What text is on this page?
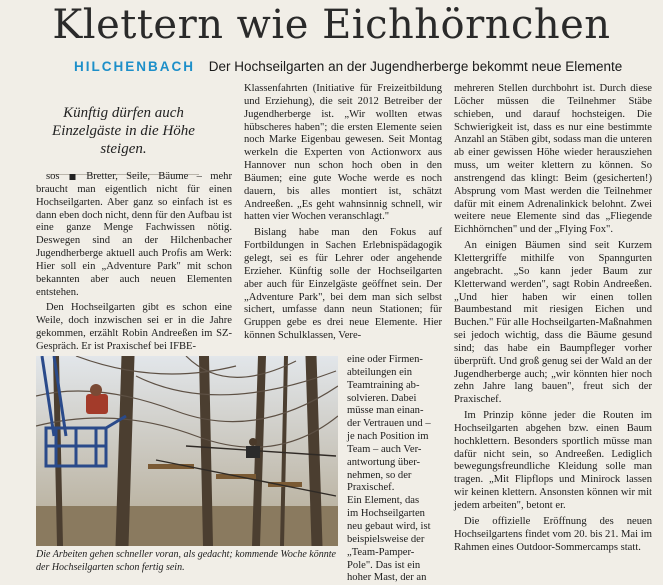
Klettern wie Eichhörnchen
HILCHENBACH Der Hochseilgarten an der Jugendherberge bekommt neue Elemente
Künftig dürfen auch Einzelgäste in die Höhe steigen.

sos	Bretter, Seile, Bäume – mehr braucht man eigentlich nicht für einen Hochseilgarten. Aber ganz so einfach ist es dann eben doch nicht, denn für den Aufbau ist eine ganze Menge Fachwissen nötig. Deswegen sind an der Hilchenbacher Jugendherberge aktuell auch Profis am Werk: Hier soll ein „Adventure Park" mit schon bekannten aber auch neuen Elementen entstehen.

Den Hochseilgarten gibt es schon eine Weile, doch inzwischen sei er in die Jahre gekommen, erzählt Robin Andreeßen im SZ-Gespräch. Er ist Praxischef bei IFBE-

Die Arbeiten gehen schneller voran, als gedacht; kommende Woche könnte der Hochseilgarten schon fertig sein.

Klassenfahrten (Initiative für Freizeitbildung und Erziehung), die seit 2012 Betreiber der Jugendherberge ist. „Wir wollten etwas hübscheres haben"; die ersten Elemente seien noch Marke Eigenbau gewesen. Seit Montag werkeln die Experten von Actionworx aus Hannover nun schon hoch oben in den Bäumen; eine gute Woche werde es noch dauern, bis alles montiert ist, schätzt Andreeßen. „Es geht wahnsinnig schnell, wir hatten vier Wochen veranschlagt."

Bislang habe man den Fokus auf Fortbildungen in Sachen Erlebnispädagogik gelegt, sei es für Lehrer oder angehende Erzieher. Künftig solle der Hochseilgarten aber auch für Einzelgäste geöffnet sein. Der „Adventure Park", bei dem man sich selbst sichert, umfasse dann neun Stationen; für Gruppen gebe es drei neue Elemente. Hier können Schulklassen, Vere-

eine oder Firmen-
abteilungen ein
Teamtraining ab-
solvieren. Dabei
müsse man einan-
der Vertrauen und –
je nach Position im
Team – auch Ver-
antwortung über-
nehmen, so der
Praxischef.
Ein Element, das
im Hochseilgarten
neu gebaut wird, ist
beispielsweise der
„Team-Pamper-
Pole". Das ist ein
hoher Mast, der an

mehreren Stellen durchbohrt ist. Durch diese Löcher müssen die Teilnehmer Stäbe schieben, und darauf hochsteigen. Die Schwierigkeit ist, dass es nur eine bestimmte Anzahl an Stäben gibt, sodass man die unteren ab einer gewissen Höhe wieder herausziehen muss, um weiter klettern zu können. So anstrengend das klingt: Beim (gesicherten!) Absprung vom Mast werden die Teilnehmer dafür mit einem Adrenalinkick belohnt. Zwei weitere neue Elemente sind das „Fliegende Eichhörnchen" und der „Flying Fox".

An einigen Bäumen sind seit Kurzem Klettergriffe mithilfe von Spanngurten angebracht. „So kann jeder Baum zur Kletterwand werden", sagt Robin Andreeßen. „Und hier haben wir einen tollen Baumbestand mit riesigen Eichen und Buchen." Für alle Hochseilgarten-Maßnahmen sei jedoch wichtig, dass die Bäume gesund sind; das habe ein Baumpfleger vorher überprüft. Und groß genug sei der Wald an der Jugendherberge auch; „wir könnten hier noch zehn Jahre lang bauen", freut sich der Praxischef.

Im Prinzip könne jeder die Routen im Hochseilgarten abgehen bzw. einen Baum hochklettern. Besonders sportlich müsse man dafür nicht sein, so Andreeßen. Lediglich bewegungsfreundliche Kleidung solle man tragen. „Mit Flipflops und Minirock lassen wir keinen klettern. Ansonsten können wir mit jedem arbeiten", betont er.

Die offizielle Eröffnung des neuen Hochseilgartens findet vom 20. bis 21. Mai im Rahmen eines Outdoor-Sommercamps statt.
